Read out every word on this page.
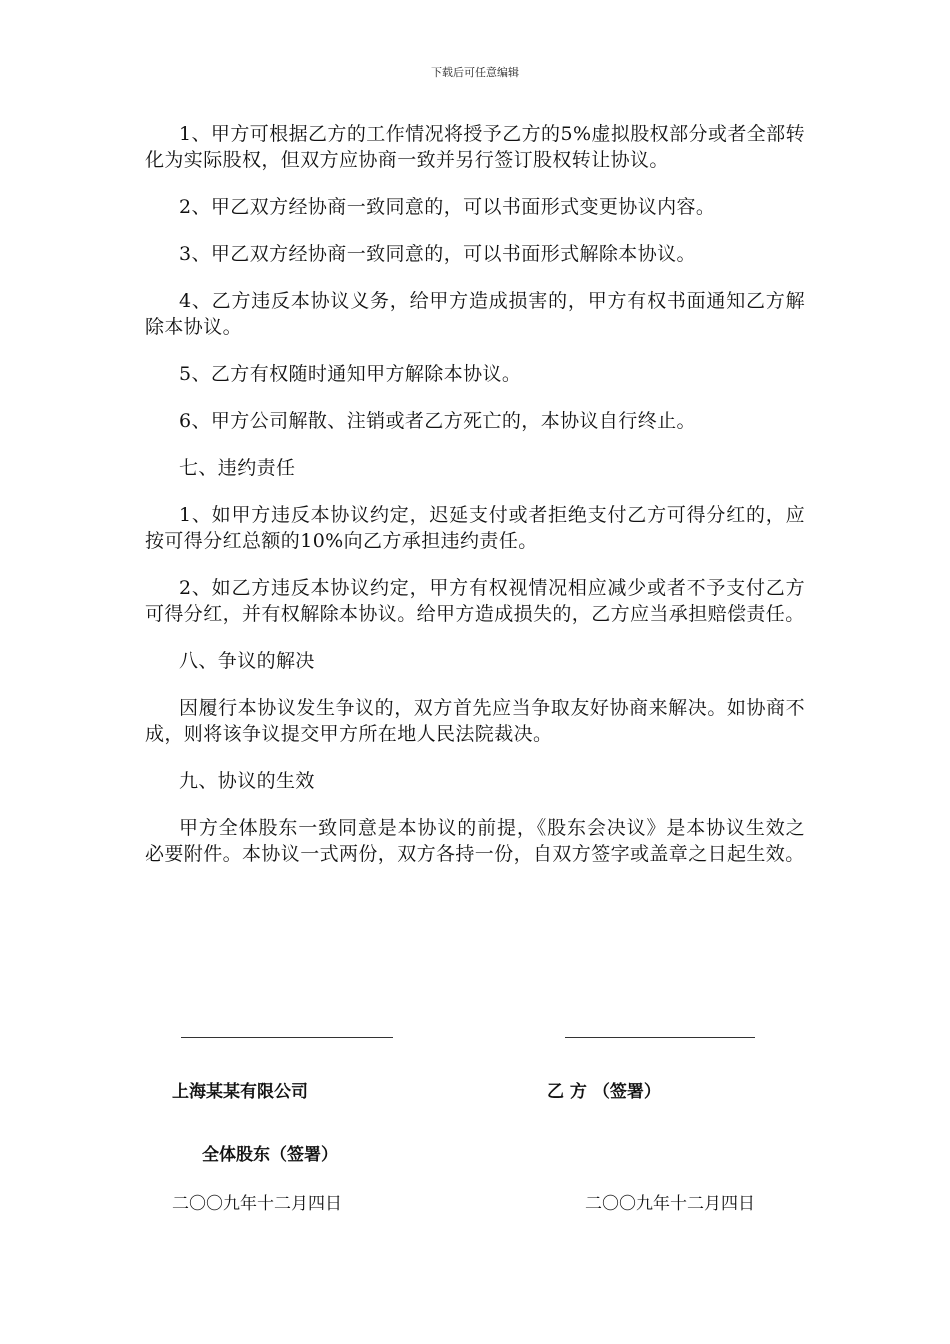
下载后可任意编辑

1、甲方可根据乙方的工作情况将授予乙方的5%虚拟股权部分或者全部转化为实际股权，但双方应协商一致并另行签订股权转让协议。

2、甲乙双方经协商一致同意的，可以书面形式变更协议内容。

3、甲乙双方经协商一致同意的，可以书面形式解除本协议。

4、乙方违反本协议义务，给甲方造成损害的，甲方有权书面通知乙方解除本协议。

5、乙方有权随时通知甲方解除本协议。

6、甲方公司解散、注销或者乙方死亡的，本协议自行终止。

七、违约责任

1、如甲方违反本协议约定，迟延支付或者拒绝支付乙方可得分红的，应按可得分红总额的10%向乙方承担违约责任。

2、如乙方违反本协议约定，甲方有权视情况相应减少或者不予支付乙方可得分红，并有权解除本协议。给甲方造成损失的，乙方应当承担赔偿责任。

八、争议的解决

因履行本协议发生争议的，双方首先应当争取友好协商来解决。如协商不成，则将该争议提交甲方所在地人民法院裁决。

九、协议的生效

甲方全体股东一致同意是本协议的前提，《股东会决议》是本协议生效之必要附件。本协议一式两份，双方各持一份，自双方签字或盖章之日起生效。

上海某某有限公司	乙 方 （签署）
全体股东（签署）
二〇〇九年十二月四日	二〇〇九年十二月四日
